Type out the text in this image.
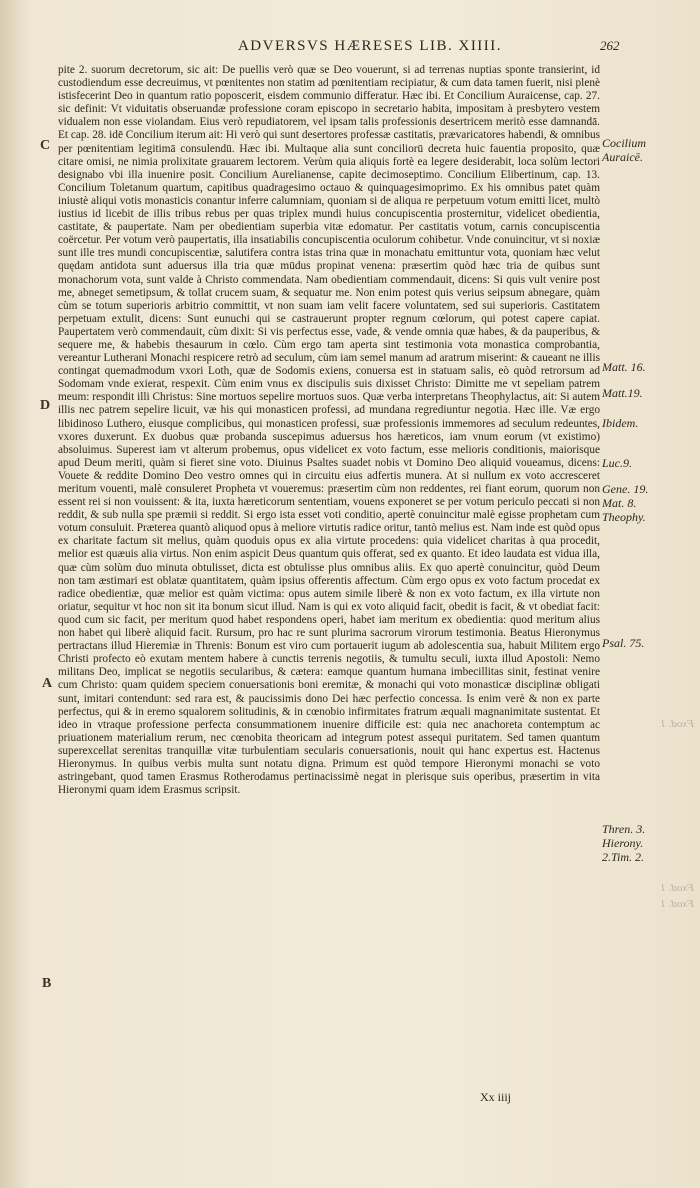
ADVERSVS HÆRESES LIB. XIIII.	262

pite 2. suorum decretorum, sic ait: De puellis verò quæ se Deo vouerunt, si ad terrenas nuptias sponte transierint, id custodiendum esse decreuimus, vt pœnitentes non statim ad pœnitentiam recipiatur, & cum data tamen fuerit, nisi plenè istisfecerint Deo in quantum ratio poposcerit, eisdem communio differatur. Hæc ibi. Et Concilium Auraicense, cap. 27. sic definit: Vt viduitatis obseruandæ professione coram episcopo in secretario habita, impositam à presbytero vestem vidualem non esse violandam. Eius verò repudiatorem, vel ipsam talis professionis desertricem meritò esse damnandā. Et cap. 28. idē Concilium iterum ait: Hi verò qui sunt desertores professæ castitatis, prævaricatores habendi, & omnibus per pœnitentiam legitimā consulendū. Hæc ibi. Multaque alia sunt conciliorū decreta huic fauentia proposito, quæ citare omisi, ne nimia prolixitate grauarem lectorem. Verùm quia aliquis fortè ea legere desiderabit, loca solùm lectori designabo vbi illa inuenire posit. Concilium Aurelianense, capite decimoseptimo. Concilium Elibertinum, cap. 13. Concilium Toletanum quartum, capitibus quadragesimo octauo & quinquagesimoprimo. Ex his omnibus patet quàm iniustè aliqui votis monasticis conantur inferre calumniam, quoniam si de aliqua re perpetuum votum emitti licet, multò iustius id licebit de illis tribus rebus per quas triplex mundi huius concupiscentia prosternitur, videlicet obedientia, castitate, & paupertate. Nam per obedientiam superbia vitæ edomatur. Per castitatis votum, carnis concupiscentia coërcetur. Per votum verò paupertatis, illa insatiabilis concupiscentia oculorum cohibetur. Vnde conuincitur, vt si noxiæ sunt ille tres mundi concupiscentiæ, salutifera contra istas trina quæ in monachatu emittuntur vota, quoniam hæc velut quędam antidota sunt aduersus illa tria quæ mūdus propinat venena: præsertim quòd hæc tria de quibus sunt monachorum vota, sunt valde à Christo commendata. Nam obedientiam commendauit, dicens: Si quis vult venire post me, abneget semetipsum, & tollat crucem suam, & sequatur me. Non enim potest quis verius seipsum abnegare, quàm cùm se totum superioris arbitrio committit, vt non suam iam velit facere voluntatem, sed sui superioris. Castitatem perpetuam extulit, dicens: Sunt eunuchi qui se castrauerunt propter regnum cœlorum, qui potest capere capiat. Paupertatem verò commendauit, cùm dixit: Si vis perfectus esse, vade, & vende omnia quæ habes, & da pauperibus, & sequere me, & habebis thesaurum in cœlo. Cùm ergo tam aperta sint testimonia vota monastica comprobantia, vereantur Lutherani Monachi respicere retrò ad seculum, cùm iam semel manum ad aratrum miserint: & caueant ne illis contingat quemadmodum vxori Loth, quæ de Sodomis exiens, conuersa est in statuam salis, eò quòd retrorsum ad Sodomam vnde exierat, respexit. Cùm enim vnus ex discipulis suis dixisset Christo: Dimitte me vt sepeliam patrem meum: respondit illi Christus: Sine mortuos sepelire mortuos suos. Quæ verba interpretans Theophylactus, ait: Si autem illis nec patrem sepelire licuit, væ his qui monasticen professi, ad mundana regrediuntur negotia. Hæc ille. Væ ergo libidinoso Luthero, eiusque complicibus, qui monasticen professi, suæ professionis immemores ad seculum redeuntes, vxores duxerunt. Ex duobus quæ probanda suscepimus aduersus hos hæreticos, iam vnum eorum (vt existimo) absoluimus. Superest iam vt alterum probemus, opus videlicet ex voto factum, esse melioris conditionis, maiorisque apud Deum meriti, quàm si fieret sine voto. Diuinus Psaltes suadet nobis vt Domino Deo aliquid voueamus, dicens: Vouete & reddite Domino Deo vestro omnes qui in circuitu eius adfertis munera. At si nullum ex voto accresceret meritum vouenti, malè consuleret Propheta vt voueremus: præsertim cùm non reddentes, rei fiant eorum, quorum non essent rei si non vouissent: & ita, iuxta hæreticorum sententiam, vouens exponeret se per votum periculo peccati si non reddit, & sub nulla spe præmii si reddit. Si ergo ista esset voti conditio, apertè conuincitur malè egisse prophetam cum votum consuluit. Præterea quantò aliquod opus à meliore virtutis radice oritur, tantò melius est. Nam inde est quòd opus ex charitate factum sit melius, quàm quoduis opus ex alia virtute procedens: quia videlicet charitas à qua procedit, melior est quæuis alia virtus. Non enim aspicit Deus quantum quis offerat, sed ex quanto. Et ideo laudata est vidua illa, quæ cùm solùm duo minuta obtulisset, dicta est obtulisse plus omnibus aliis. Ex quo apertè conuincitur, quòd Deum non tam æstimari est oblatæ quantitatem, quàm ipsius offerentis affectum. Cùm ergo opus ex voto factum procedat ex radice obedientiæ, quæ melior est quàm victima: opus autem simile liberè & non ex voto factum, ex illa virtute non oriatur, sequitur vt hoc non sit ita bonum sicut illud. Nam is qui ex voto aliquid facit, obedit is facit, & vt obediat facit: quod cum sic facit, per meritum quod habet respondens operi, habet iam meritum ex obedientia: quod meritum alius non habet qui liberè aliquid facit. Rursum, pro hac re sunt plurima sacrorum virorum testimonia. Beatus Hieronymus pertractans illud Hieremiæ in Threnis: Bonum est viro cum portauerit iugum ab adolescentia sua, habuit Militem ergo Christi profecto eò exutam mentem habere à cunctis terrenis negotiis, & tumultu seculi, iuxta illud Apostoli: Nemo militans Deo, implicat se negotiis secularibus, & cætera: eamque quantum humana imbecillitas sinit, festinat venire cum Christo: quam quidem speciem conuersationis boni eremitæ, & monachi qui voto monasticæ disciplinæ obligati sunt, imitari contendunt: sed rara est, & paucissimis dono Dei hæc perfectio concessa. Is enim verè & non ex parte perfectus, qui & in eremo squalorem solitudinis, & in cœnobio infirmitates fratrum æquali magnanimitate sustentat. Et ideo in vtraque professione perfecta consummationem inuenire difficile est: quia nec anachoreta contemptum ac priuationem materialium rerum, nec cœnobita theoricam ad integrum potest assequi puritatem. Sed tamen quantum superexcellat serenitas tranquillæ vitæ turbulentiam secularis conuersationis, nouit qui hanc expertus est. Hactenus Hieronymus. In quibus verbis multa sunt notatu digna. Primum est quòd tempore Hieronymi monachi se voto astringebant, quod tamen Erasmus Rotherodamus pertinacissimè negat in plerisque suis operibus, præsertim in vita Hieronymi quam idem Erasmus scripsit.

C
D
A
B
Cocilium
Auraicē.
Matt. 16.
Matt.19.
Ibidem.
Luc.9.
Gene. 19.
Mat. 8.
Theophy.
Psal. 75.
Thren. 3.
Hierony.
2.Tim. 2.
Fxod. 1
Fxod. 1
Fxod. 1
Xx iiij
